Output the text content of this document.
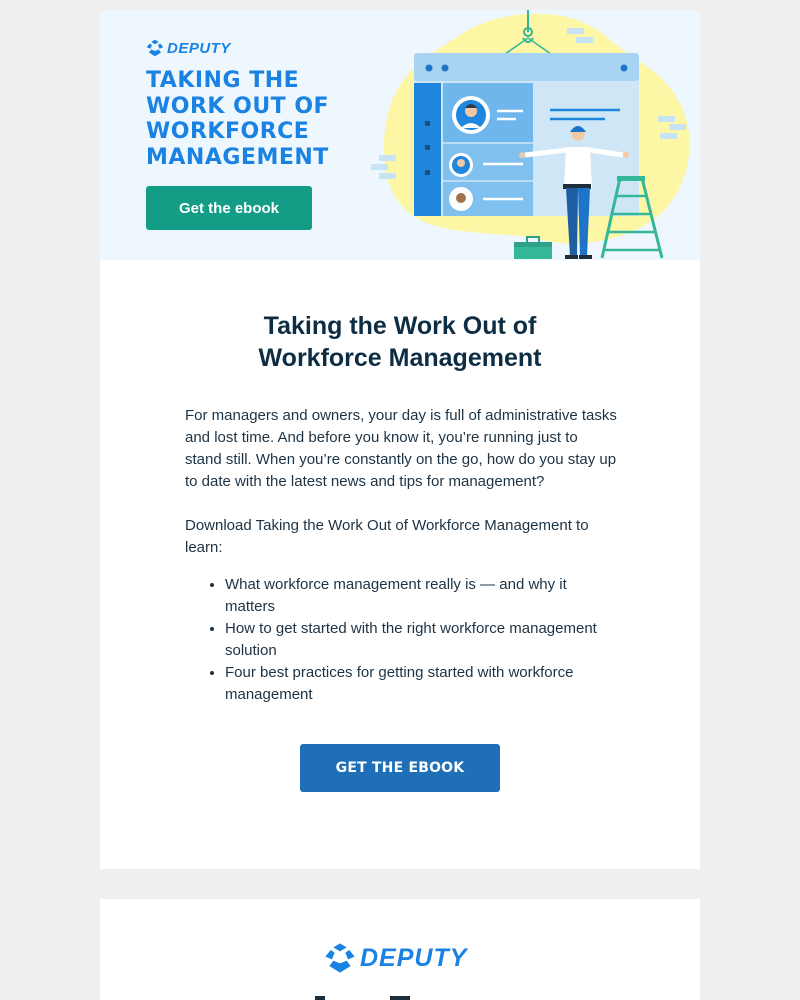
DEPUTY
TAKING THE WORK OUT OF WORKFORCE MANAGEMENT
Get the ebook
Taking the Work Out of
Workforce Management

For managers and owners, your day is full of administrative tasks and lost time. And before you know it, you’re running just to stand still. When you’re constantly on the go, how do you stay up to date with the latest news and tips for management?

Download Taking the Work Out of Workforce Management to learn:

• What workforce management really is — and why it matters
• How to get started with the right workforce management solution
• Four best practices for getting started with workforce management
GET THE EBOOK
DEPUTY
